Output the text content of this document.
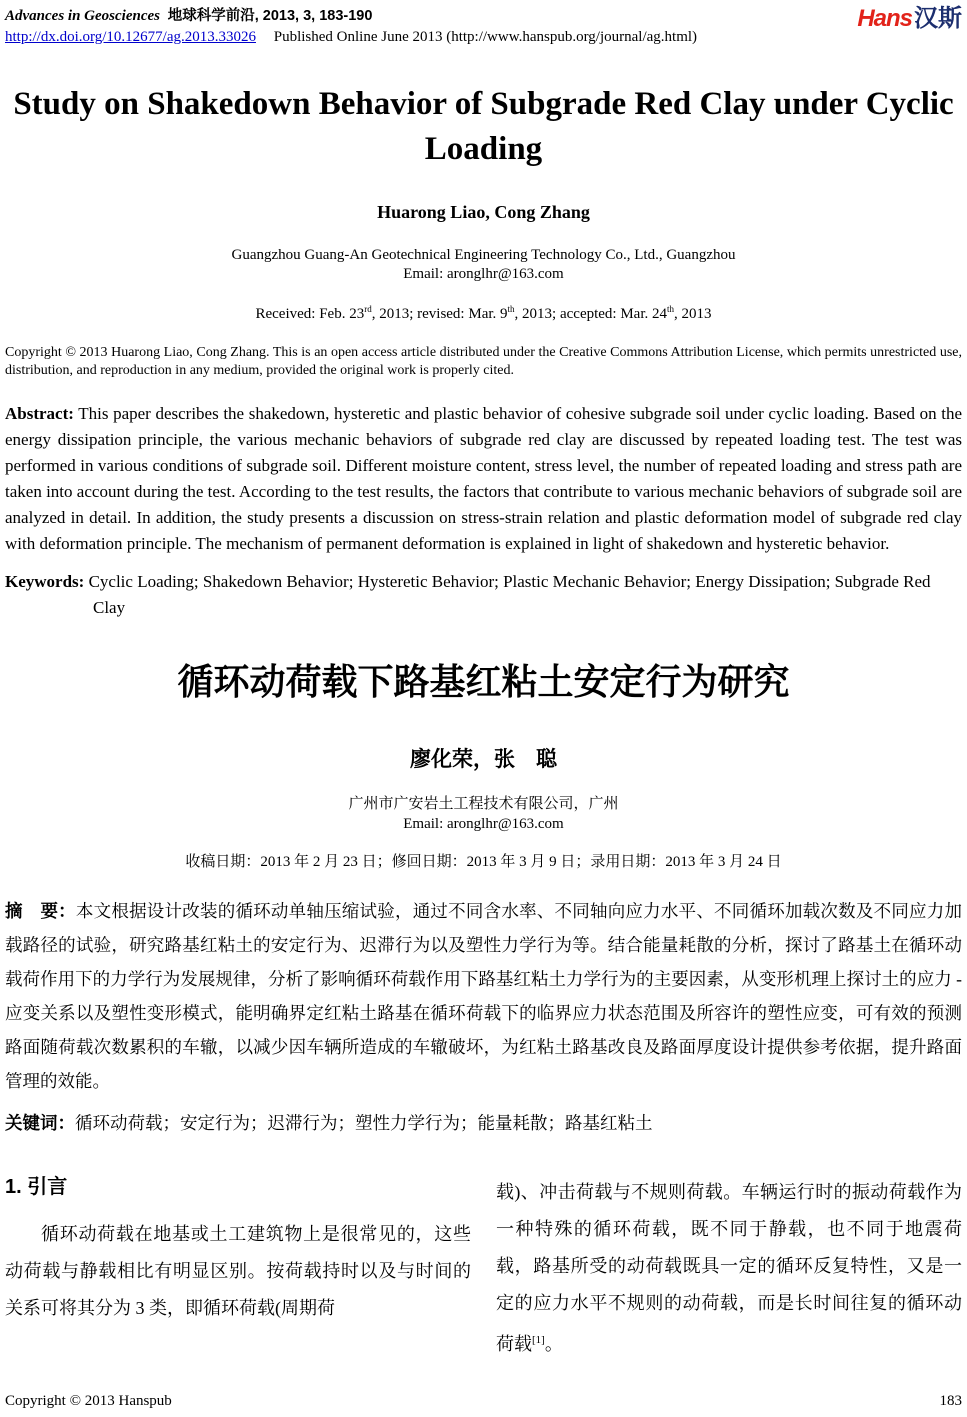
Advances in Geosciences 地球科学前沿, 2013, 3, 183-190
http://dx.doi.org/10.12677/ag.2013.33026 Published Online June 2013 (http://www.hanspub.org/journal/ag.html)
Hans汉斯
Study on Shakedown Behavior of Subgrade Red Clay under Cyclic Loading
Huarong Liao, Cong Zhang
Guangzhou Guang-An Geotechnical Engineering Technology Co., Ltd., Guangzhou
Email: aronglhr@163.com
Received: Feb. 23rd, 2013; revised: Mar. 9th, 2013; accepted: Mar. 24th, 2013

Copyright © 2013 Huarong Liao, Cong Zhang. This is an open access article distributed under the Creative Commons Attribution License, which permits unrestricted use, distribution, and reproduction in any medium, provided the original work is properly cited.

Abstract: This paper describes the shakedown, hysteretic and plastic behavior of cohesive subgrade soil under cyclic loading. Based on the energy dissipation principle, the various mechanic behaviors of subgrade red clay are discussed by repeated loading test. The test was performed in various conditions of subgrade soil. Different moisture content, stress level, the number of repeated loading and stress path are taken into account during the test. According to the test results, the factors that contribute to various mechanic behaviors of subgrade soil are analyzed in detail. In addition, the study presents a discussion on stress-strain relation and plastic deformation model of subgrade red clay with deformation principle. The mechanism of permanent deformation is explained in light of shakedown and hysteretic behavior.

Keywords: Cyclic Loading; Shakedown Behavior; Hysteretic Behavior; Plastic Mechanic Behavior; Energy Dissipation; Subgrade Red Clay

循环动荷载下路基红粘土安定行为研究
廖化荣，张　聪
广州市广安岩土工程技术有限公司，广州
Email: aronglhr@163.com
收稿日期：2013 年 2 月 23 日；修回日期：2013 年 3 月 9 日；录用日期：2013 年 3 月 24 日

摘　要：本文根据设计改装的循环动单轴压缩试验，通过不同含水率、不同轴向应力水平、不同循环加载次数及不同应力加载路径的试验，研究路基红粘土的安定行为、迟滞行为以及塑性力学行为等。结合能量耗散的分析，探讨了路基土在循环动载荷作用下的力学行为发展规律，分析了影响循环荷载作用下路基红粘土力学行为的主要因素，从变形机理上探讨土的应力 - 应变关系以及塑性变形模式，能明确界定红粘土路基在循环荷载下的临界应力状态范围及所容许的塑性应变，可有效的预测路面随荷载次数累积的车辙，以减少因车辆所造成的车辙破坏，为红粘土路基改良及路面厚度设计提供参考依据，提升路面管理的效能。

关键词：循环动荷载；安定行为；迟滞行为；塑性力学行为；能量耗散；路基红粘土

1. 引言

循环动荷载在地基或土工建筑物上是很常见的，这些动荷载与静载相比有明显区别。按荷载持时以及与时间的关系可将其分为 3 类，即循环荷载(周期荷

载)、冲击荷载与不规则荷载。车辆运行时的振动荷载作为一种特殊的循环荷载，既不同于静载，也不同于地震荷载，路基所受的动荷载既具一定的循环反复特性，又是一定的应力水平不规则的动荷载，而是长时间往复的循环动荷载[1]。

Copyright © 2013 Hanspub	183
